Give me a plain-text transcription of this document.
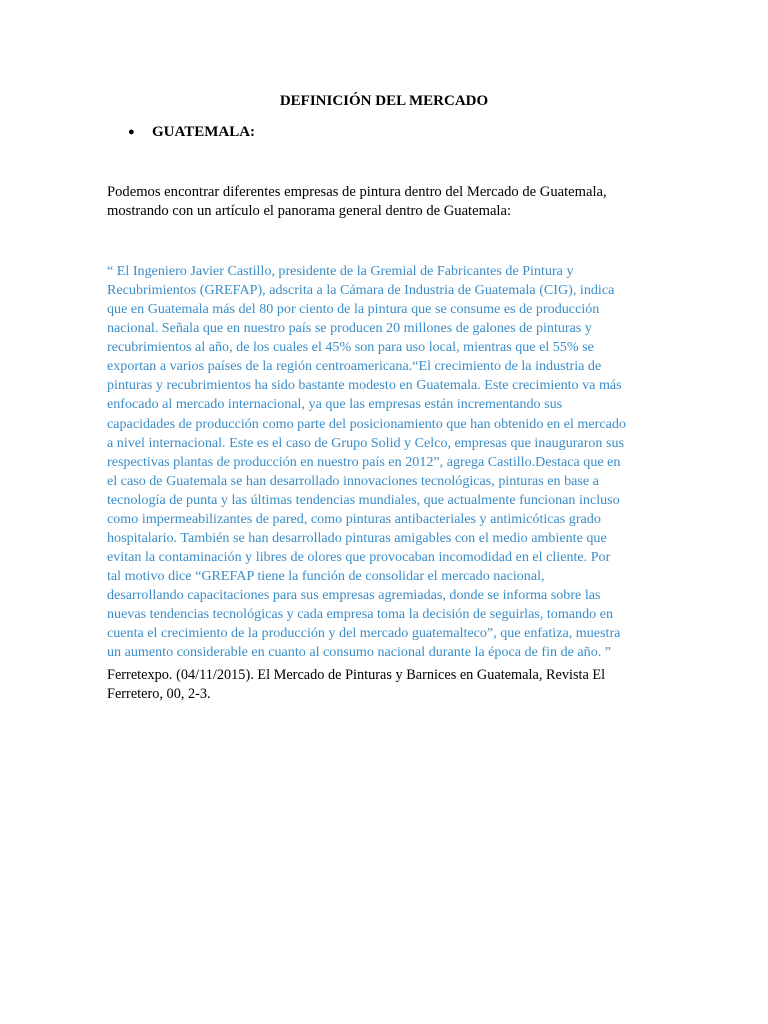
DEFINICIÓN DEL MERCADO
● GUATEMALA:
Podemos encontrar diferentes empresas de pintura dentro del Mercado de Guatemala,
mostrando con un artículo el panorama general dentro de Guatemala:
“ El Ingeniero Javier Castillo, presidente de la Gremial de Fabricantes de Pintura y
Recubrimientos (GREFAP), adscrita a la Cámara de Industria de Guatemala (CIG), indica
que en Guatemala más del 80 por ciento de la pintura que se consume es de producción
nacional. Señala que en nuestro país se producen 20 millones de galones de pinturas y
recubrimientos al año, de los cuales el 45% son para uso local, mientras que el 55% se
exportan a varios países de la región centroamericana.“El crecimiento de la industria de
pinturas y recubrimientos ha sido bastante modesto en Guatemala. Este crecimiento va más
enfocado al mercado internacional, ya que las empresas están incrementando sus
capacidades de producción como parte del posicionamiento que han obtenido en el mercado
a nivel internacional. Este es el caso de Grupo Solid y Celco, empresas que inauguraron sus
respectivas plantas de producción en nuestro país en 2012”, agrega Castillo.Destaca que en
el caso de Guatemala se han desarrollado innovaciones tecnológicas, pinturas en base a
tecnología de punta y las últimas tendencias mundiales, que actualmente funcionan incluso
como impermeabilizantes de pared, como pinturas antibacteriales y antimicóticas grado
hospitalario. También se han desarrollado pinturas amigables con el medio ambiente que
evitan la contaminación y libres de olores que provocaban incomodidad en el cliente. Por
tal motivo dice “GREFAP tiene la función de consolidar el mercado nacional,
desarrollando capacitaciones para sus empresas agremiadas, donde se informa sobre las
nuevas tendencias tecnológicas y cada empresa toma la decisión de seguirlas, tomando en
cuenta el crecimiento de la producción y del mercado guatemalteco”, que enfatiza, muestra
un aumento considerable en cuanto al consumo nacional durante la época de fin de año. ”
Ferretexpo. (04/11/2015). El Mercado de Pinturas y Barnices en Guatemala, Revista El
Ferretero, 00, 2-3.
